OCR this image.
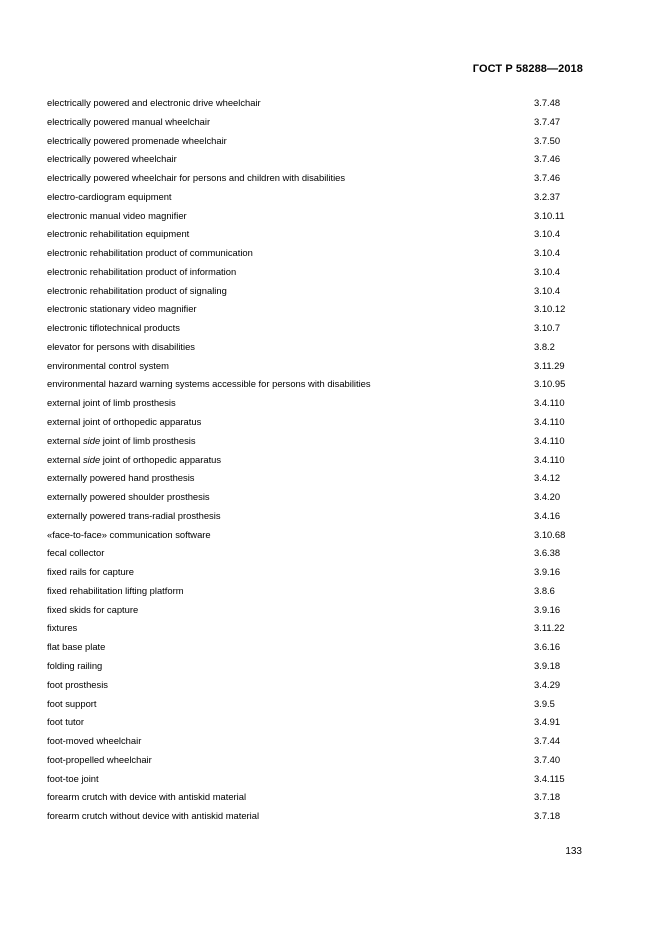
ГОСТ Р 58288—2018
electrically powered and electronic drive wheelchair	3.7.48
electrically powered manual wheelchair	3.7.47
electrically powered promenade wheelchair	3.7.50
electrically powered wheelchair	3.7.46
electrically powered wheelchair for persons and children with disabilities	3.7.46
electro-cardiogram equipment	3.2.37
electronic manual video magnifier	3.10.11
electronic rehabilitation equipment	3.10.4
electronic rehabilitation product of communication	3.10.4
electronic rehabilitation product of information	3.10.4
electronic rehabilitation product of signaling	3.10.4
electronic stationary video magnifier	3.10.12
electronic tiflotechnical products	3.10.7
elevator for persons with disabilities	3.8.2
environmental control system	3.11.29
environmental hazard warning systems accessible for persons with disabilities	3.10.95
external joint of limb prosthesis	3.4.110
external joint of orthopedic apparatus	3.4.110
external side joint of limb prosthesis	3.4.110
external side joint of orthopedic apparatus	3.4.110
externally powered hand prosthesis	3.4.12
externally powered shoulder prosthesis	3.4.20
externally powered trans-radial prosthesis	3.4.16
«face-to-face» communication software	3.10.68
fecal collector	3.6.38
fixed rails for capture	3.9.16
fixed rehabilitation lifting platform	3.8.6
fixed skids for capture	3.9.16
fixtures	3.11.22
flat base plate	3.6.16
folding railing	3.9.18
foot prosthesis	3.4.29
foot support	3.9.5
foot tutor	3.4.91
foot-moved wheelchair	3.7.44
foot-propelled wheelchair	3.7.40
foot-toe joint	3.4.115
forearm crutch with device with antiskid material	3.7.18
forearm crutch without device with antiskid material	3.7.18
133
